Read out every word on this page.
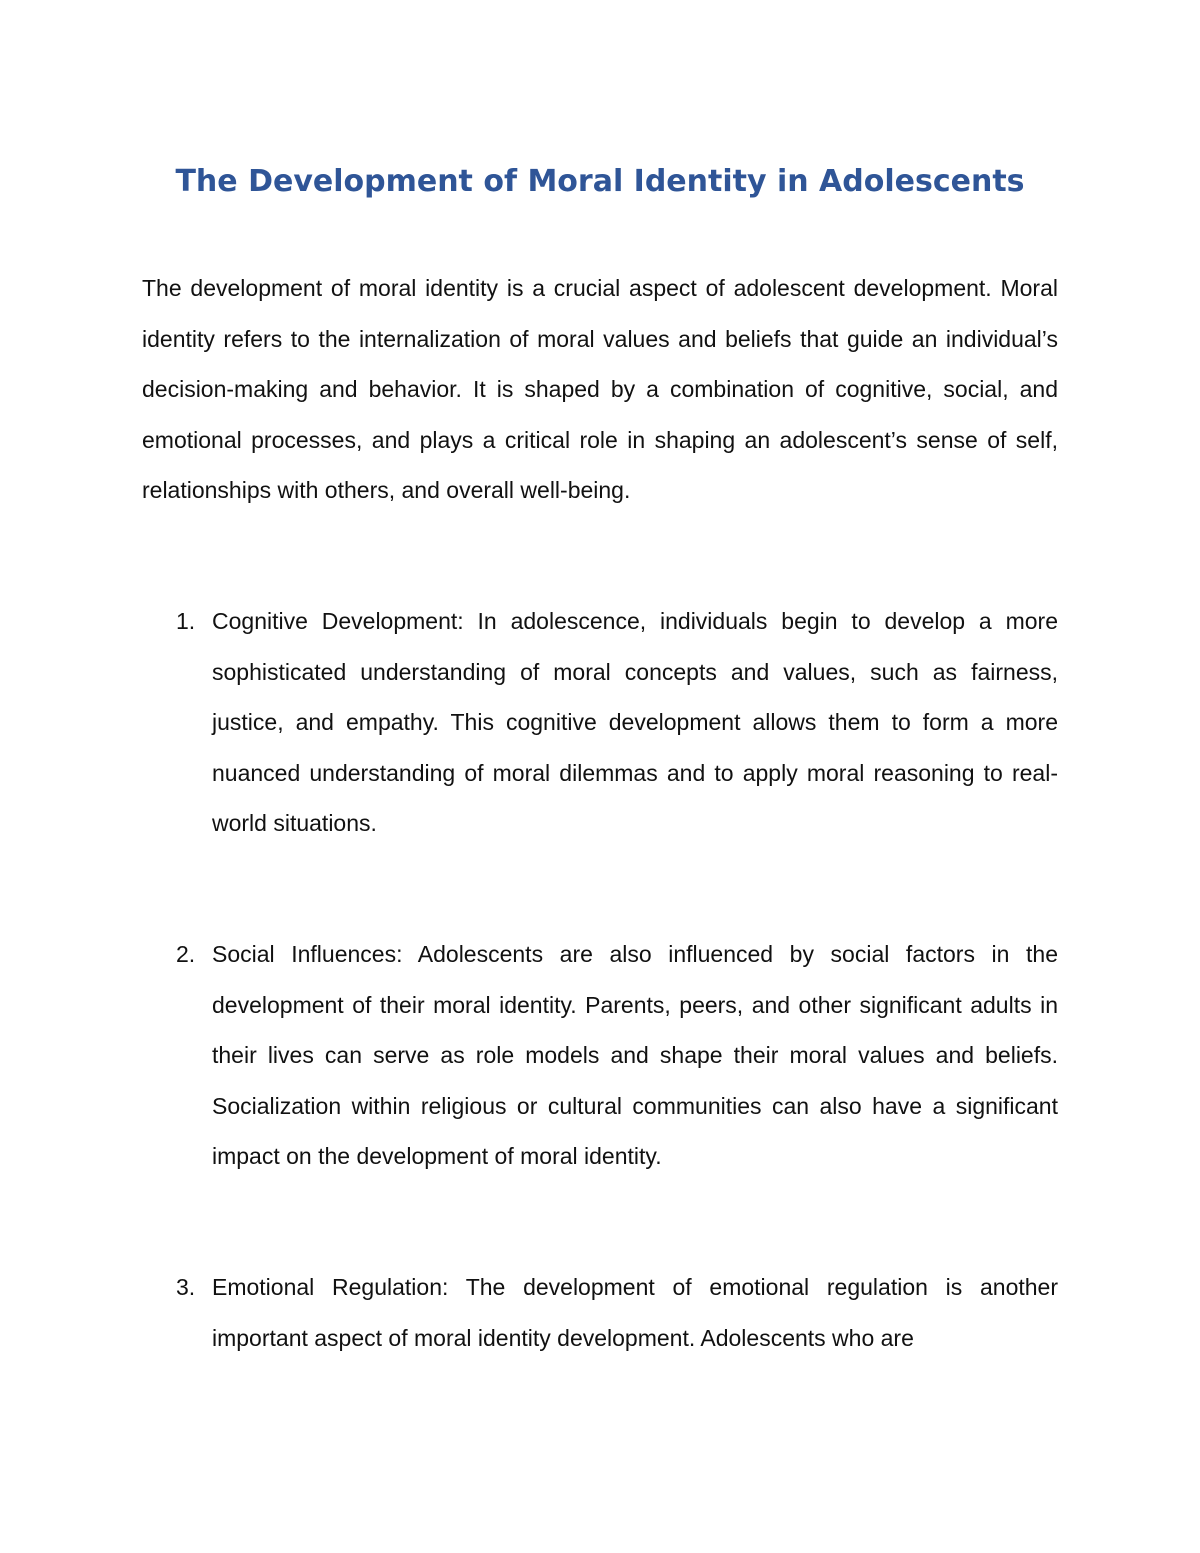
The Development of Moral Identity in Adolescents

The development of moral identity is a crucial aspect of adolescent development. Moral identity refers to the internalization of moral values and beliefs that guide an individual’s decision-making and behavior. It is shaped by a combination of cognitive, social, and emotional processes, and plays a critical role in shaping an adolescent’s sense of self, relationships with others, and overall well-being.

1. Cognitive Development: In adolescence, individuals begin to develop a more sophisticated understanding of moral concepts and values, such as fairness, justice, and empathy. This cognitive development allows them to form a more nuanced understanding of moral dilemmas and to apply moral reasoning to real-world situations.

2. Social Influences: Adolescents are also influenced by social factors in the development of their moral identity. Parents, peers, and other significant adults in their lives can serve as role models and shape their moral values and beliefs. Socialization within religious or cultural communities can also have a significant impact on the development of moral identity.

3. Emotional Regulation: The development of emotional regulation is another important aspect of moral identity development. Adolescents who are
